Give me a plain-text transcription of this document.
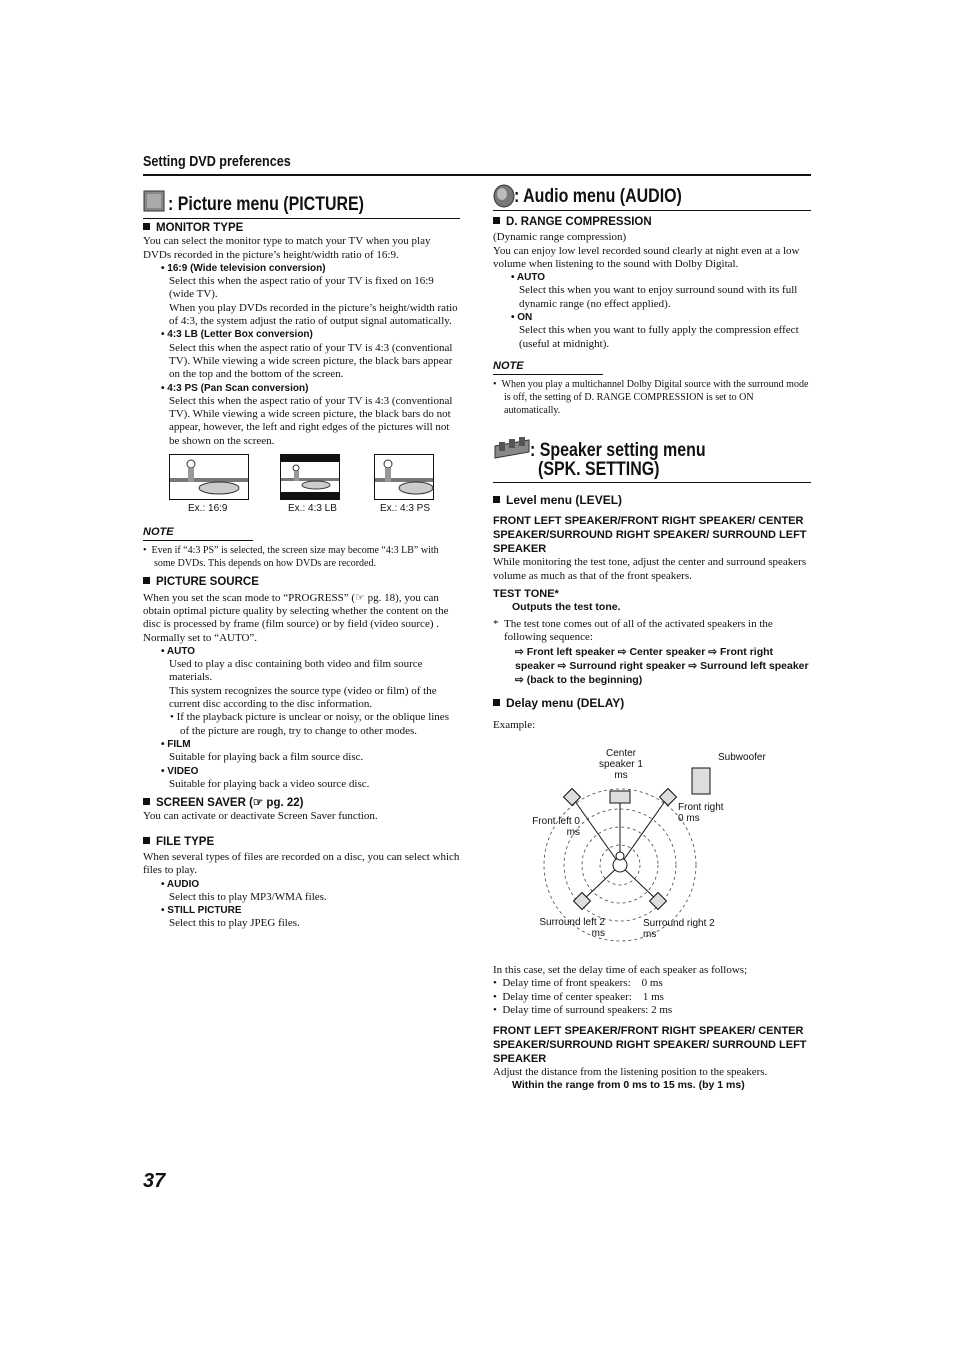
Setting DVD preferences
: Picture menu (PICTURE)
MONITOR TYPE

You can select the monitor type to match your TV when you play DVDs recorded in the picture’s height/width ratio of 16:9.

• 16:9 (Wide television conversion)

Select this when the aspect ratio of your TV is fixed on 16:9 (wide TV).

When you play DVDs recorded in the picture’s height/width ratio of 4:3, the system adjust the ratio of output signal automatically.

• 4:3 LB (Letter Box conversion)

Select this when the aspect ratio of your TV is 4:3 (conventional TV). While viewing a wide screen picture, the black bars appear on the top and the bottom of the screen.

• 4:3 PS (Pan Scan conversion)

Select this when the aspect ratio of your TV is 4:3 (conventional TV). While viewing a wide screen picture, the black bars do not appear, however, the left and right edges of the pictures will not be shown on the screen.

Ex.: 16:9	Ex.: 4:3 LB	Ex.: 4:3 PS
NOTE

•  Even if “4:3 PS” is selected, the screen size may become “4:3 LB” with some DVDs. This depends on how DVDs are recorded.

PICTURE SOURCE

When you set the scan mode to “PROGRESS” (☞ pg. 18), you can obtain optimal picture quality by selecting whether the content on the disc is processed by frame (film source) or by field (video source) .

Normally set to “AUTO”.

• AUTO

Used to play a disc containing both video and film source materials.

This system recognizes the source type (video or film) of the current disc according to the disc information.

• If the playback picture is unclear or noisy, or the oblique lines of the picture are rough, try to change to other modes.

• FILM

Suitable for playing back a film source disc.

• VIDEO

Suitable for playing back a video source disc.

SCREEN SAVER (☞ pg. 22)

You can activate or deactivate Screen Saver function.

FILE TYPE

When several types of files are recorded on a disc, you can select which files to play.

• AUDIO

Select this to play MP3/WMA files.

• STILL PICTURE

Select this to play JPEG files.

: Audio menu (AUDIO)
D. RANGE COMPRESSION

(Dynamic range compression)

You can enjoy low level recorded sound clearly at night even at a low volume when listening to the sound with Dolby Digital.

• AUTO

Select this when you want to enjoy surround sound with its full dynamic range (no effect applied).

• ON

Select this when you want to fully apply the compression effect (useful at midnight).

NOTE

•  When you play a multichannel Dolby Digital source with the surround mode is off, the setting of D. RANGE COMPRESSION is set to ON automatically.

: Speaker setting menu
(SPK. SETTING)
Level menu (LEVEL)

FRONT LEFT SPEAKER/FRONT RIGHT SPEAKER/ CENTER SPEAKER/SURROUND RIGHT SPEAKER/ SURROUND LEFT SPEAKER

While monitoring the test tone, adjust the center and surround speakers volume as much as that of the front speakers.

TEST TONE*
Outputs the test tone.

*  The test tone comes out of all of the activated speakers in the following sequence:

⇨ Front left speaker ⇨ Center speaker ⇨ Front right speaker ⇨ Surround right speaker ⇨ Surround left speaker ⇨ (back to the beginning)

Delay menu (DELAY)

Example:

Center speaker 1 ms
Subwoofer
Front right 0 ms
Front left 0 ms
Surround left 2 ms
Surround right 2 ms

In this case, set the delay time of each speaker as follows;

•  Delay time of front speakers:    0 ms

•  Delay time of center speaker:    1 ms

•  Delay time of surround speakers: 2 ms

FRONT LEFT SPEAKER/FRONT RIGHT SPEAKER/ CENTER SPEAKER/SURROUND RIGHT SPEAKER/ SURROUND LEFT SPEAKER

Adjust the distance from the listening position to the speakers.

Within the range from 0 ms to 15 ms. (by 1 ms)
37
